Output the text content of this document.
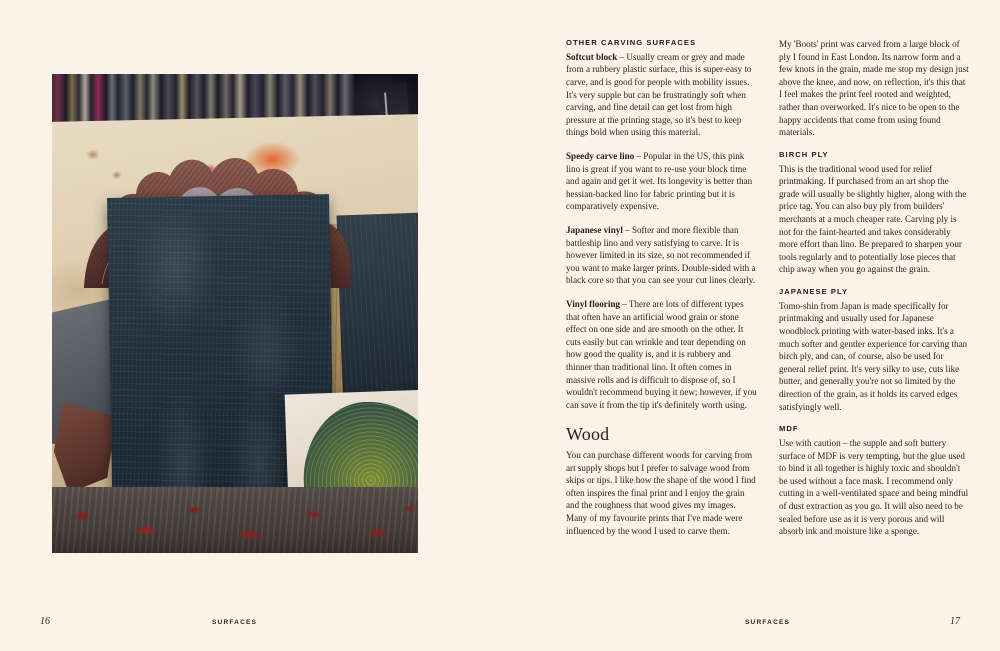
16	SURFACES
OTHER CARVING SURFACES

Softcut block – Usually cream or grey and made from a rubbery plastic surface, this is super-easy to carve, and is good for people with mobility issues. It's very supple but can be frustratingly soft when carving, and fine detail can get lost from high pressure at the printing stage, so it's best to keep things bold when using this material.

Speedy carve lino – Popular in the US, this pink lino is great if you want to re-use your block time and again and get it wet. Its longevity is better than hessian-backed lino for fabric printing but it is comparatively expensive.

Japanese vinyl – Softer and more flexible than battleship lino and very satisfying to carve. It is however limited in its size, so not recommended if you want to make larger prints. Double-sided with a black core so that you can see your cut lines clearly.

Vinyl flooring – There are lots of different types that often have an artificial wood grain or stone effect on one side and are smooth on the other. It cuts easily but can wrinkle and tear depending on how good the quality is, and it is rubbery and thinner than traditional lino. It often comes in massive rolls and is difficult to dispose of, so I wouldn't recommend buying it new; however, if you can save it from the tip it's definitely worth using.

Wood

You can purchase different woods for carving from art supply shops but I prefer to salvage wood from skips or tips. I like how the shape of the wood I find often inspires the final print and I enjoy the grain and the roughness that wood gives my images. Many of my favourite prints that I've made were influenced by the wood I used to carve them.

My 'Boots' print was carved from a large block of ply I found in East London. Its narrow form and a few knots in the grain, made me stop my design just above the knee, and now, on reflection, it's this that I feel makes the print feel rooted and weighted, rather than overworked. It's nice to be open to the happy accidents that come from using found materials.

BIRCH PLY

This is the traditional wood used for relief printmaking. If purchased from an art shop the grade will usually be slightly higher, along with the price tag. You can also buy ply from builders' merchants at a much cheaper rate. Carving ply is not for the faint-hearted and takes considerably more effort than lino. Be prepared to sharpen your tools regularly and to potentially lose pieces that chip away when you go against the grain.

JAPANESE PLY

Tomo-shin from Japan is made specifically for printmaking and usually used for Japanese woodblock printing with water-based inks. It's a much softer and gentler experience for carving than birch ply, and can, of course, also be used for general relief print. It's very silky to use, cuts like butter, and generally you're not so limited by the direction of the grain, as it holds its carved edges satisfyingly well.

MDF

Use with caution – the supple and soft buttery surface of MDF is very tempting, but the glue used to bind it all together is highly toxic and shouldn't be used without a face mask. I recommend only cutting in a well-ventilated space and being mindful of dust extraction as you go. It will also need to be sealed before use as it is very porous and will absorb ink and moisture like a sponge.

SURFACES	17
